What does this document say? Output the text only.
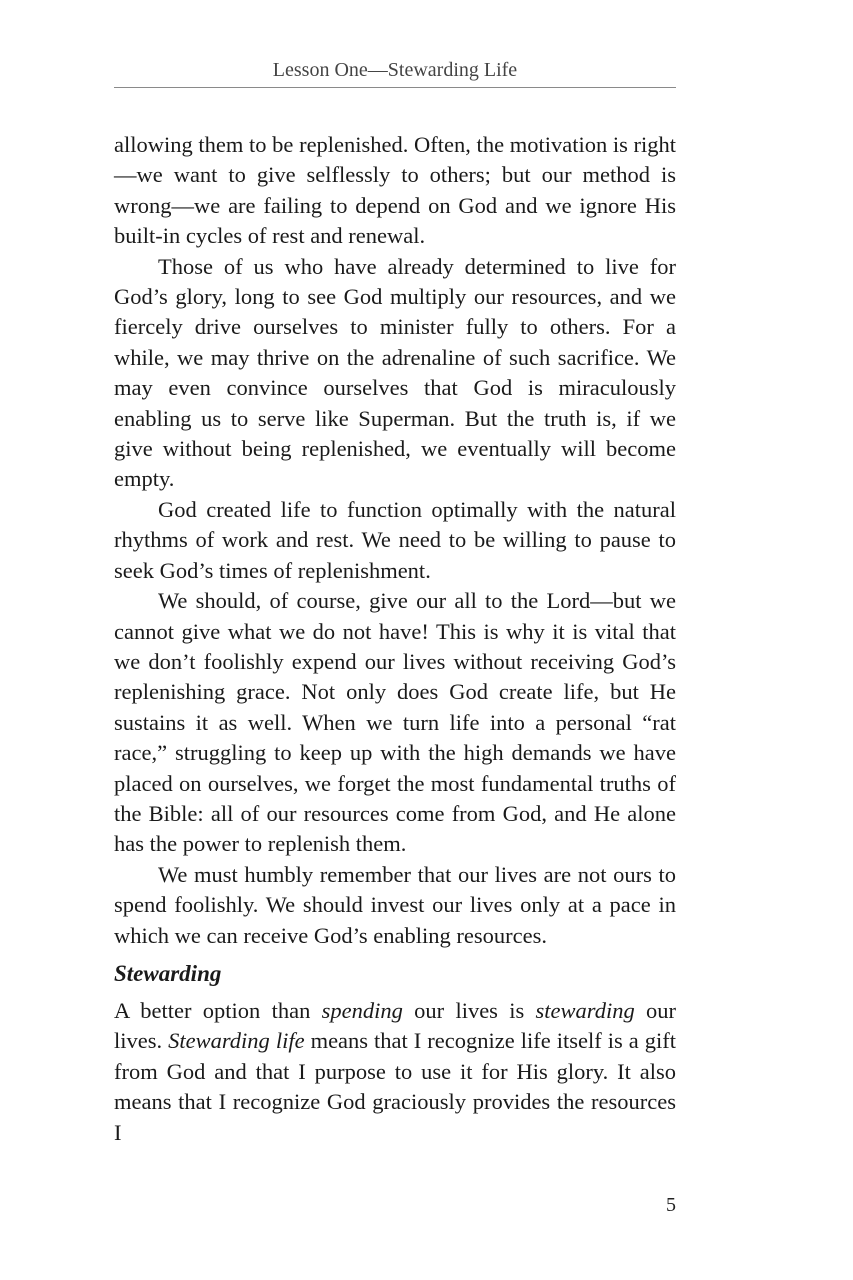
Lesson One—Stewarding Life

allowing them to be replenished. Often, the motivation is right—we want to give selflessly to others; but our method is wrong—we are failing to depend on God and we ignore His built-in cycles of rest and renewal.

Those of us who have already determined to live for God’s glory, long to see God multiply our resources, and we fiercely drive ourselves to minister fully to others. For a while, we may thrive on the adrenaline of such sacrifice. We may even convince ourselves that God is miraculously enabling us to serve like Superman. But the truth is, if we give without being replenished, we eventually will become empty.

God created life to function optimally with the natural rhythms of work and rest. We need to be willing to pause to seek God’s times of replenishment.

We should, of course, give our all to the Lord—but we cannot give what we do not have! This is why it is vital that we don’t foolishly expend our lives without receiving God’s replenishing grace. Not only does God create life, but He sustains it as well. When we turn life into a personal “rat race,” struggling to keep up with the high demands we have placed on ourselves, we forget the most fundamental truths of the Bible: all of our resources come from God, and He alone has the power to replenish them.

We must humbly remember that our lives are not ours to spend foolishly. We should invest our lives only at a pace in which we can receive God’s enabling resources.

Stewarding

A better option than spending our lives is stewarding our lives. Stewarding life means that I recognize life itself is a gift from God and that I purpose to use it for His glory. It also means that I recognize God graciously provides the resources I

5
